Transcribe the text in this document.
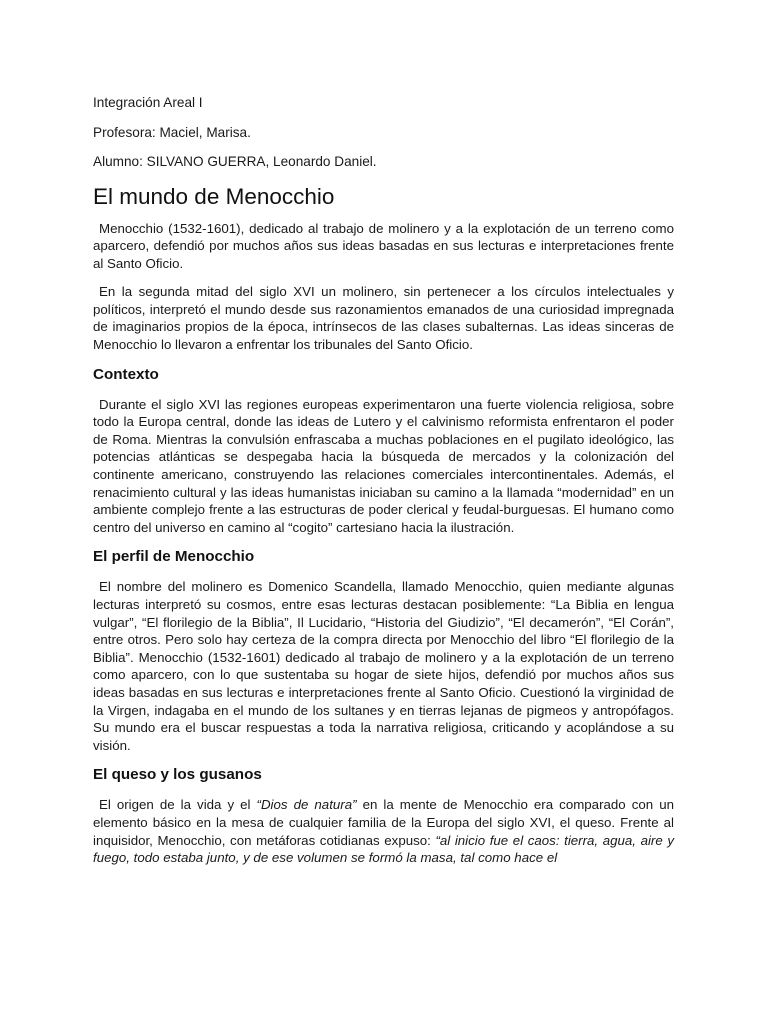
Integración Areal I

Profesora: Maciel, Marisa.

Alumno: SILVANO GUERRA, Leonardo Daniel.

El mundo de Menocchio

Menocchio (1532-1601), dedicado al trabajo de molinero y a la explotación de un terreno como aparcero, defendió por muchos años sus ideas basadas en sus lecturas e interpretaciones frente al Santo Oficio.

En la segunda mitad del siglo XVI un molinero, sin pertenecer a los círculos intelectuales y políticos, interpretó el mundo desde sus razonamientos emanados de una curiosidad impregnada de imaginarios propios de la época, intrínsecos de las clases subalternas. Las ideas sinceras de Menocchio lo llevaron a enfrentar los tribunales del Santo Oficio.

Contexto

Durante el siglo XVI las regiones europeas experimentaron una fuerte violencia religiosa, sobre todo la Europa central, donde las ideas de Lutero y el calvinismo reformista enfrentaron el poder de Roma. Mientras la convulsión enfrascaba a muchas poblaciones en el pugilato ideológico, las potencias atlánticas se despegaba hacia la búsqueda de mercados y la colonización del continente americano, construyendo las relaciones comerciales intercontinentales. Además, el renacimiento cultural y las ideas humanistas iniciaban su camino a la llamada “modernidad” en un ambiente complejo frente a las estructuras de poder clerical y feudal-burguesas. El humano como centro del universo en camino al “cogito” cartesiano hacia la ilustración.

El perfil de Menocchio

El nombre del molinero es Domenico Scandella, llamado Menocchio, quien mediante algunas lecturas interpretó su cosmos, entre esas lecturas destacan posiblemente: “La Biblia en lengua vulgar”, “El florilegio de la Biblia”, Il Lucidario, “Historia del Giudizio”, “El decamerón”, “El Corán”, entre otros. Pero solo hay certeza de la compra directa por Menocchio del libro “El florilegio de la Biblia”. Menocchio (1532-1601) dedicado al trabajo de molinero y a la explotación de un terreno como aparcero, con lo que sustentaba su hogar de siete hijos, defendió por muchos años sus ideas basadas en sus lecturas e interpretaciones frente al Santo Oficio. Cuestionó la virginidad de la Virgen, indagaba en el mundo de los sultanes y en tierras lejanas de pigmeos y antropófagos. Su mundo era el buscar respuestas a toda la narrativa religiosa, criticando y acoplándose a su visión.

El queso y los gusanos

El origen de la vida y el “Dios de natura” en la mente de Menocchio era comparado con un elemento básico en la mesa de cualquier familia de la Europa del siglo XVI, el queso. Frente al inquisidor, Menocchio, con metáforas cotidianas expuso: “al inicio fue el caos: tierra, agua, aire y fuego, todo estaba junto, y de ese volumen se formó la masa, tal como hace el
